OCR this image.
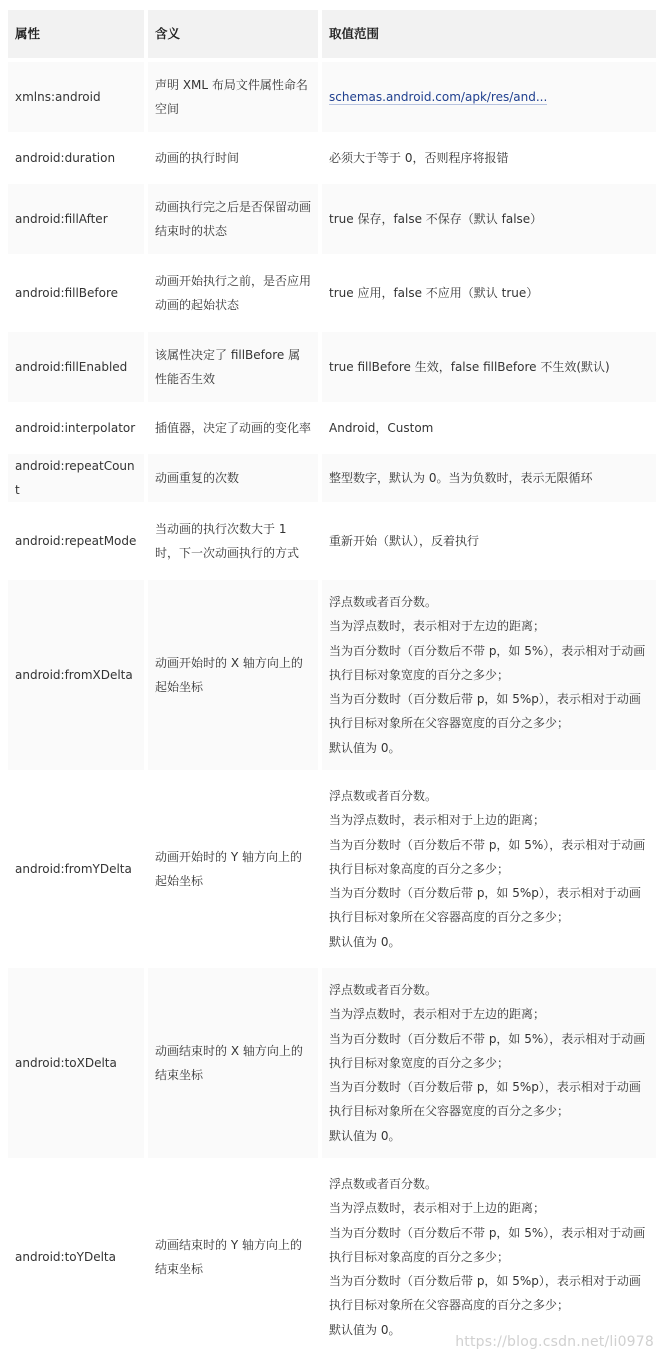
属性	含义	取值范围
xmlns:android	声明 XML 布局文件属性命名空间	schemas.android.com/apk/res/and...
android:duration	动画的执行时间	必须大于等于 0，否则程序将报错
android:fillAfter	动画执行完之后是否保留动画结束时的状态	true 保存，false 不保存（默认 false）
android:fillBefore	动画开始执行之前，是否应用动画的起始状态	true 应用，false 不应用（默认 true）
android:fillEnabled	该属性决定了 fillBefore 属性能否生效	true fillBefore 生效，false fillBefore 不生效(默认)
android:interpolator	插值器，决定了动画的变化率	Android，Custom
android:repeatCount	动画重复的次数	整型数字，默认为 0。当为负数时，表示无限循环
android:repeatMode	当动画的执行次数大于 1 时，下一次动画执行的方式	重新开始（默认），反着执行
android:fromXDelta	动画开始时的 X 轴方向上的起始坐标	浮点数或者百分数。
当为浮点数时，表示相对于左边的距离；
当为百分数时（百分数后不带 p，如 5%），表示相对于动画执行目标对象宽度的百分之多少；
当为百分数时（百分数后带 p，如 5%p），表示相对于动画执行目标对象所在父容器宽度的百分之多少；
默认值为 0。

android:fromYDelta	动画开始时的 Y 轴方向上的起始坐标	浮点数或者百分数。
当为浮点数时，表示相对于上边的距离；
当为百分数时（百分数后不带 p，如 5%），表示相对于动画执行目标对象高度的百分之多少；
当为百分数时（百分数后带 p，如 5%p），表示相对于动画执行目标对象所在父容器高度的百分之多少；
默认值为 0。

android:toXDelta	动画结束时的 X 轴方向上的结束坐标	浮点数或者百分数。
当为浮点数时，表示相对于左边的距离；
当为百分数时（百分数后不带 p，如 5%），表示相对于动画执行目标对象宽度的百分之多少；
当为百分数时（百分数后带 p，如 5%p），表示相对于动画执行目标对象所在父容器宽度的百分之多少；
默认值为 0。

android:toYDelta	动画结束时的 Y 轴方向上的结束坐标	浮点数或者百分数。
当为浮点数时，表示相对于上边的距离；
当为百分数时（百分数后不带 p，如 5%），表示相对于动画执行目标对象高度的百分之多少；
当为百分数时（百分数后带 p，如 5%p），表示相对于动画执行目标对象所在父容器高度的百分之多少；
默认值为 0。
https://blog.csdn.net/li0978
